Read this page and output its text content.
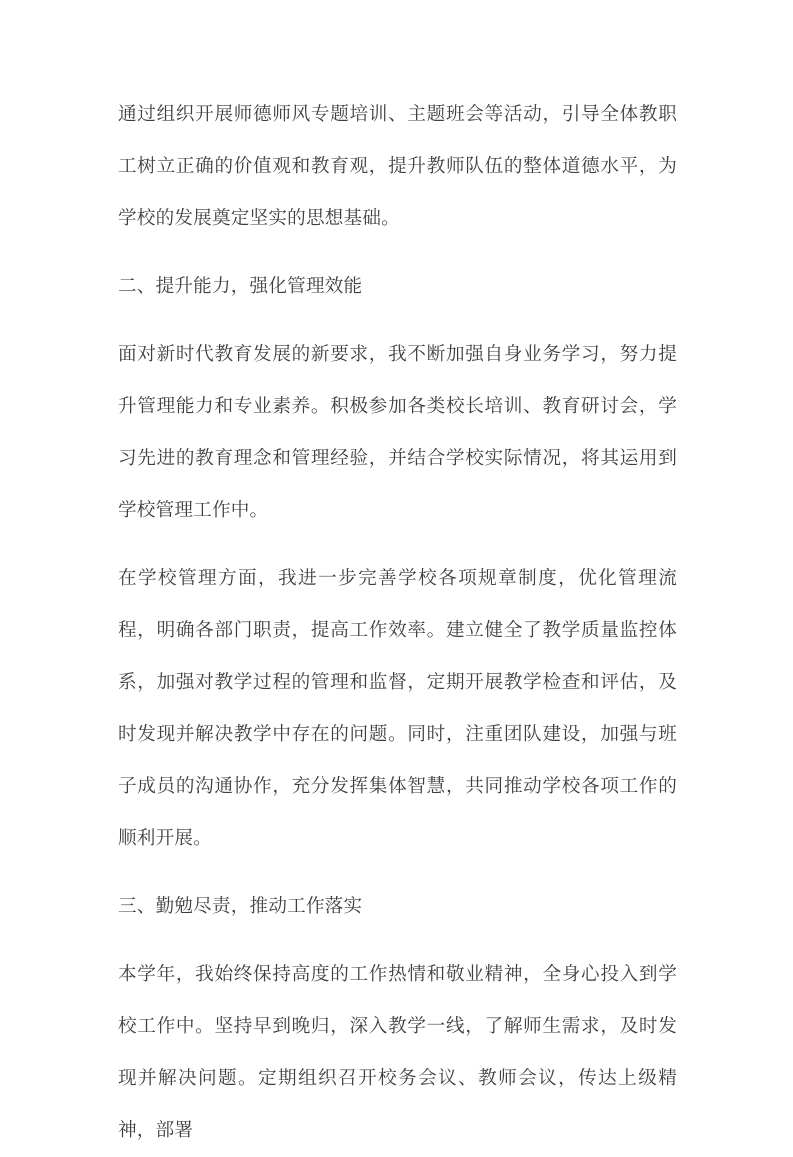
通过组织开展师德师风专题培训、主题班会等活动，引导全体教职工树立正确的价值观和教育观，提升教师队伍的整体道德水平，为学校的发展奠定坚实的思想基础。

二、提升能力，强化管理效能

面对新时代教育发展的新要求，我不断加强自身业务学习，努力提升管理能力和专业素养。积极参加各类校长培训、教育研讨会，学习先进的教育理念和管理经验，并结合学校实际情况，将其运用到学校管理工作中。

在学校管理方面，我进一步完善学校各项规章制度，优化管理流程，明确各部门职责，提高工作效率。建立健全了教学质量监控体系，加强对教学过程的管理和监督，定期开展教学检查和评估，及时发现并解决教学中存在的问题。同时，注重团队建设，加强与班子成员的沟通协作，充分发挥集体智慧，共同推动学校各项工作的顺利开展。

三、勤勉尽责，推动工作落实

本学年，我始终保持高度的工作热情和敬业精神，全身心投入到学校工作中。坚持早到晚归，深入教学一线，了解师生需求，及时发现并解决问题。定期组织召开校务会议、教师会议，传达上级精神，部署
